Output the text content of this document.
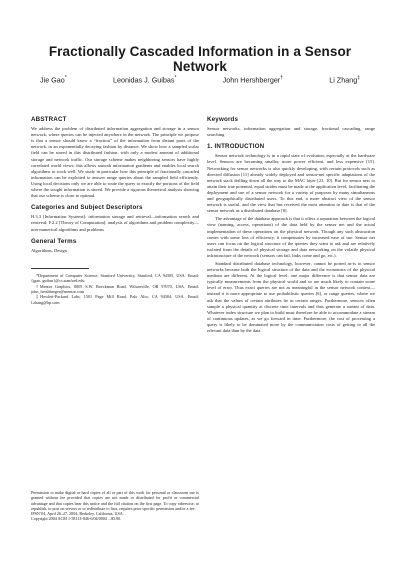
Fractionally Cascaded Information in a Sensor Network
Jie Gao*	Leonidas J. Guibas*	John Hershberger†	Li Zhang‡
ABSTRACT

We address the problem of distributed information aggregation and storage in a sensor network, where queries can be injected anywhere in the network. The principle we propose is that a sensor should know a “fraction” of the information from distant parts of the network, in an exponentially decaying fashion by distance. We show how a sampled scalar field can be stored in this distributed fashion, with only a modest amount of additional storage and network traffic. Our storage scheme makes neighboring sensors have highly correlated world views; this allows smooth information gradients and enables local search algorithms to work well. We study in particular how this principle of fractionally cascaded information can be exploited to answer range queries about the sampled field efficiently. Using local decisions only we are able to route the query to exactly the portions of the field where the sought information is stored. We provide a rigorous theoretical analysis showing that our scheme is close to optimal.

Categories and Subject Descriptors

H.3.3 [Information Systems]: information storage and retrieval—information search and retrieval; F.2.2 [Theory of Computation]: analysis of algorithms and problem complexity—non-numerical algorithms and problems

General Terms

Algorithms, Design

*Department of Computer Science, Stanford University, Stanford, CA 94305, USA. Email: {jgao, guibas}@cs.stanford.edu

†Mentor Graphics, 8005 S.W. Boeckman Road, Wilsonville, OR 97070, USA. Email: john_hershberger@mentor.com

‡Hewlett-Packard Labs, 1501 Page Mill Road, Palo Alto, CA 94304, USA. Email: l.zhang@hp.com

Permission to make digital or hard copies of all or part of this work for personal or classroom use is granted without fee provided that copies are not made or distributed for profit or commercial advantage and that copies bear this notice and the full citation on the first page. To copy otherwise, to republish, to post on servers or to redistribute to lists, requires prior specific permission and/or a fee.

IPSN’04, April 26–27, 2004, Berkeley, California, USA.

Copyright 2004 ACM 1-58113-846-6/04/0004 ...$5.00.

Keywords

Sensor networks, information aggregation and storage, fractional cascading, range searching

1. INTRODUCTION

Sensor network technology is in a rapid state of evolution, especially at the hardware level. Sensors are becoming smaller, more power efficient, and less expensive [15]. Networking for sensor networks is also quickly developing, with certain protocols such as directed diffusion [11] already widely deployed and sensor-net specific adaptations of the network stack drilling down all the way to the MAC layer [23, 10]. But for sensor nets to attain their true potential, equal strides must be made at the application level, facilitating the deployment and use of a sensor network for a variety of purposes by many simultaneous and geographically distributed users. To this end, a more abstract view of the sensor network is useful, and the view that has received the most attention to date is that of the sensor network as a distributed database [8].

The advantage of the database approach is that it offers a separation between the logical view (naming, access, operations) of the data held by the sensor net and the actual implementation of these operations on the physical network. Though any such abstraction comes with some loss of efficiency, it compensates by increased ease of use. Sensor net users can focus on the logical structure of the queries they want to ask and are relatively isolated from the details of physical storage and data networking on the volatile physical infrastructure of the network (sensors can fail, links come and go, etc.).

Standard distributed database technology, however, cannot be ported as-is to sensor networks because both the logical structure of the data and the economics of the physical medium are different. At the logical level, one major difference is that sensor data are typically measurements from the physical world and so are much likely to contain some level of error. Thus exact queries are not as meaningful in the sensor network context—instead it is more appropriate to use probabilistic queries [6], or range queries, where we ask that the values of certain attributes lie in certain ranges. Furthermore, sensors often sample a physical quantity at discrete time intervals and thus generate a stream of data. Whatever index structure we plan to build must therefore be able to accommodate a stream of continuous updates, as we go forward in time. Furthermore, the cost of processing a query is likely to be dominated more by the communication costs of getting to all the relevant data than by the data
